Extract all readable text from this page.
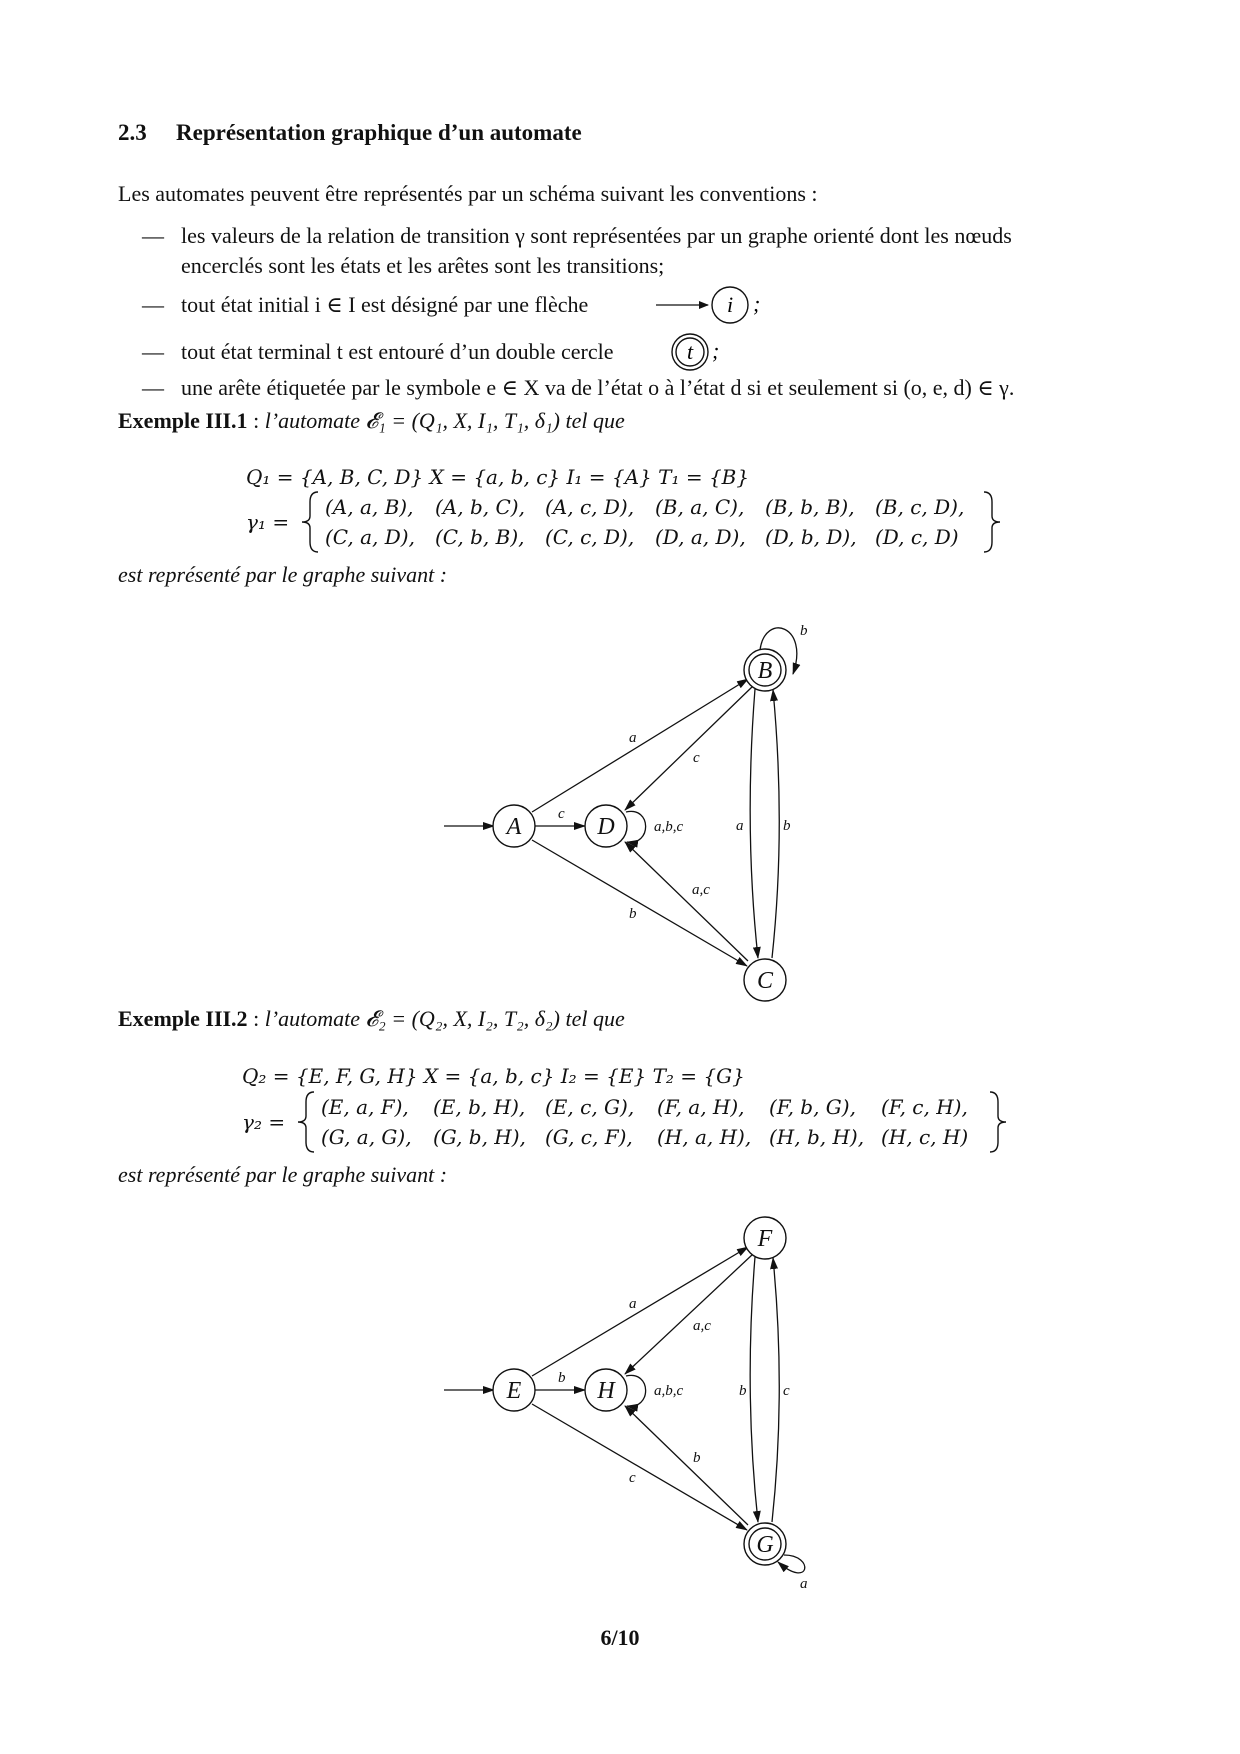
2.3 Représentation graphique d’un automate
Les automates peuvent être représentés par un schéma suivant les conventions :
— les valeurs de la relation de transition γ sont représentées par un graphe orienté dont les nœuds
encerclés sont les états et les arêtes sont les transitions;
— tout état initial i ∈ I est désigné par une flèche	i ;
— tout état terminal t est entouré d’un double cercle	t ;
— une arête étiquetée par le symbole e ∈ X va de l’état o à l’état d si et seulement si (o, e, d) ∈ γ.
Exemple III.1 : l’automate 𝓔₁ = (Q₁, X, I₁, T₁, δ₁) tel que
Q₁ = {A, B, C, D} X = {a, b, c} I₁ = {A} T₁ = {B}
γ₁ =
(A, a, B), (A, b, C), (A, c, D), (B, a, C), (B, b, B), (B, c, D),
(C, a, D), (C, b, B), (C, c, D), (D, a, D), (D, b, D), (D, c, D)
est représenté par le graphe suivant :
A	D
B
C
a
c
c
a,b,c	a	b
a,c
b
b
E	H
F
G
a
a,c
b
a,b,c	b c
b
c
a
Exemple III.2 : l’automate 𝓔₂ = (Q₂, X, I₂, T₂, δ₂) tel que
Q₂ = {E, F, G, H} X = {a, b, c} I₂ = {E} T₂ = {G}
γ₂ =
(E, a, F), (E, b, H), (E, c, G), (F, a, H), (F, b, G), (F, c, H),
(G, a, G), (G, b, H), (G, c, F), (H, a, H), (H, b, H), (H, c, H)
est représenté par le graphe suivant :
6/10
